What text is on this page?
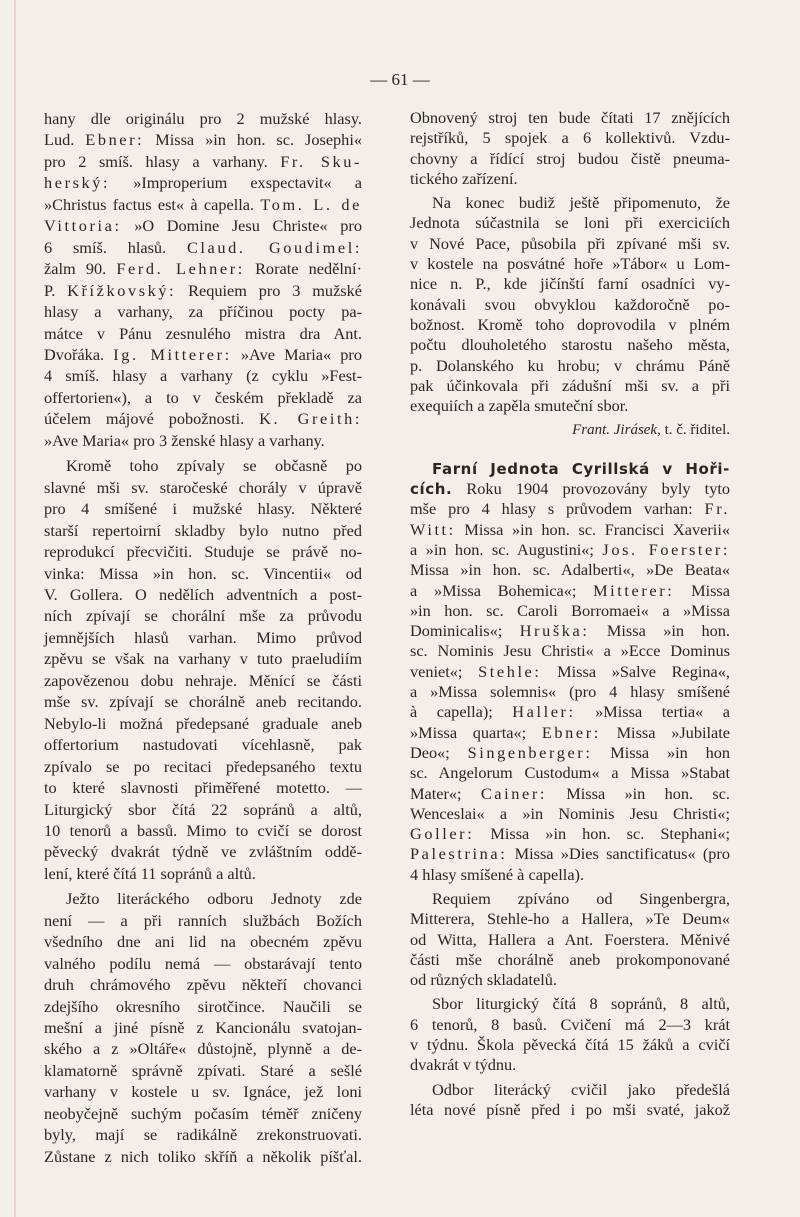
— 61 —
hany dle originálu pro 2 mužské hlasy.
Lud. Ebner: Missa »in hon. sc. Josephi«
pro 2 smíš. hlasy a varhany. Fr. Sku-
herský: »Improperium exspectavit« a
»Christus factus est« à capella. Tom. L. de
Vittoria: »O Domine Jesu Christe« pro
6 smíš. hlasů. Claud. Goudimel:
žalm 90. Ferd. Lehner: Rorate nedělní·
P. Křížkovský: Requiem pro 3 mužské
hlasy a varhany, za příčinou pocty pa-
mátce v Pánu zesnulého mistra dra Ant.
Dvořáka. Ig. Mitterer: »Ave Maria« pro
4 smíš. hlasy a varhany (z cyklu »Fest-
offertorien«), a to v českém překladě za
účelem májové pobožnosti. K. Greith:
»Ave Maria« pro 3 ženské hlasy a varhany.
Kromě toho zpívaly se občasně po
slavné mši sv. staročeské chorály v úpravě
pro 4 smíšené i mužské hlasy. Některé
starší repertoirní skladby bylo nutno před
reprodukcí přecvičiti. Studuje se právě no-
vinka: Missa »in hon. sc. Vincentii« od
V. Gollera. O nedělích adventních a post-
ních zpívají se chorální mše za průvodu
jemnějších hlasů varhan. Mimo průvod
zpěvu se však na varhany v tuto praeludiím
zapovězenou dobu nehraje. Měnící se části
mše sv. zpívají se chorálně aneb recitando.
Nebylo-li možná předepsané graduale aneb
offertorium nastudovati vícehlasně, pak
zpívalo se po recitaci předepsaného textu
to které slavnosti přiměřené motetto. —
Liturgický sbor čítá 22 sopránů a altů,
10 tenorů a bassů. Mimo to cvičí se dorost
pěvecký dvakrát týdně ve zvláštním oddě-
lení, které čítá 11 sopránů a altů.
Ježto literáckého odboru Jednoty zde
není — a při ranních službách Božích
všedního dne ani lid na obecném zpěvu
valného podílu nemá — obstarávají tento
druh chrámového zpěvu někteří chovanci
zdejšího okresního sirotčince. Naučili se
mešní a jiné písně z Kancionálu svatojan-
ského a z »Oltáře« důstojně, plynně a de-
klamatorně správně zpívati. Staré a sešlé
varhany v kostele u sv. Ignáce, jež loni
neobyčejně suchým počasím téměř zničeny
byly, mají se radikálně zrekonstruovati.
Zůstane z nich toliko skříň a několik píšťal.
Obnovený stroj ten bude čítati 17 znějících
rejstříků, 5 spojek a 6 kollektivů. Vzdu-
chovny a řídící stroj budou čistě pneuma-
tického zařízení.
Na konec budiž ještě připomenuto, že
Jednota súčastnila se loni při exerciciích
v Nové Pace, působila při zpívané mši sv.
v kostele na posvátné hoře »Tábor« u Lom-
nice n. P., kde jičínští farní osadníci vy-
konávali svou obvyklou každoročně po-
božnost. Kromě toho doprovodila v plném
počtu dlouholetého starostu našeho města,
p. Dolanského ku hrobu; v chrámu Páně
pak účinkovala při zádušní mši sv. a při
exequiích a zapěla smuteční sbor.
Frant. Jirásek, t. č. řiditel.
Farní Jednota Cyrillská v Hoři-
cích. Roku 1904 provozovány byly tyto
mše pro 4 hlasy s průvodem varhan: Fr.
Witt: Missa »in hon. sc. Francisci Xaverii«
a »in hon. sc. Augustini«; Jos. Foerster:
Missa »in hon. sc. Adalberti«, »De Beata«
a »Missa Bohemica«; Mitterer: Missa
»in hon. sc. Caroli Borromaei« a »Missa
Dominicalis«; Hruška: Missa »in hon.
sc. Nominis Jesu Christi« a »Ecce Dominus
veniet«; Stehle: Missa »Salve Regina«,
a »Missa solemnis« (pro 4 hlasy smíšené
à capella); Haller: »Missa tertia« a
»Missa quarta«; Ebner: Missa »Jubilate
Deo«; Singenberger: Missa »in hon
sc. Angelorum Custodum« a Missa »Stabat
Mater«; Cainer: Missa »in hon. sc.
Wenceslai« a »in Nominis Jesu Christi«;
Goller: Missa »in hon. sc. Stephani«;
Palestrina: Missa »Dies sanctificatus« (pro
4 hlasy smíšené à capella).
Requiem zpíváno od Singenbergra,
Mitterera, Stehle-ho a Hallera, »Te Deum«
od Witta, Hallera a Ant. Foerstera. Měnivé
části mše chorálně aneb prokomponované
od různých skladatelů.
Sbor liturgický čítá 8 sopránů, 8 altů,
6 tenorů, 8 basů. Cvičení má 2—3 krát
v týdnu. Škola pěvecká čítá 15 žáků a cvičí
dvakrát v týdnu.
Odbor literácký cvičil jako předešlá
léta nové písně před i po mši svaté, jakož
